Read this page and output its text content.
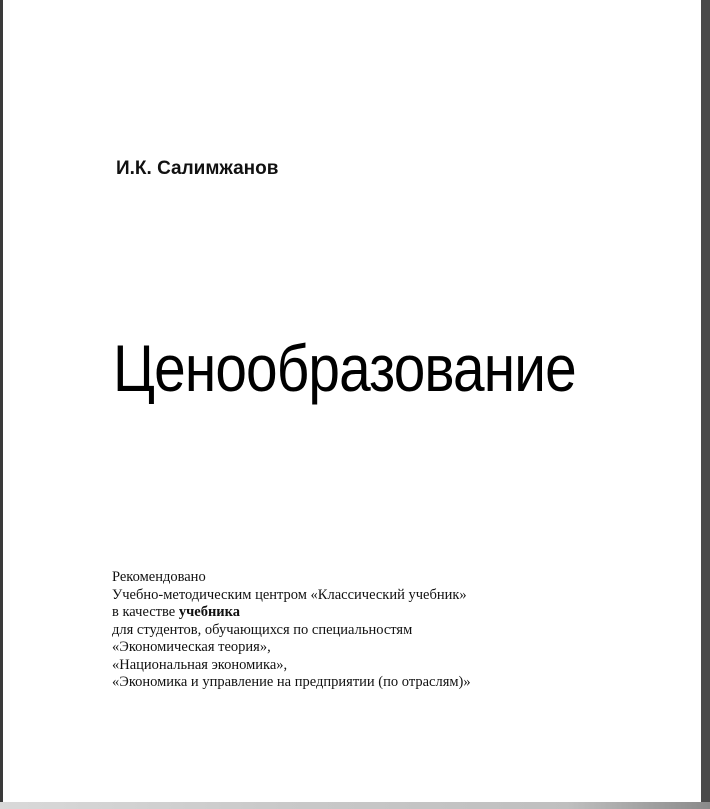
И.К. Салимжанов
Ценообразование
Рекомендовано
Учебно-методическим центром «Классический учебник»
в качестве учебника
для студентов, обучающихся по специальностям
«Экономическая теория»,
«Национальная экономика»,
«Экономика и управление на предприятии (по отраслям)»
